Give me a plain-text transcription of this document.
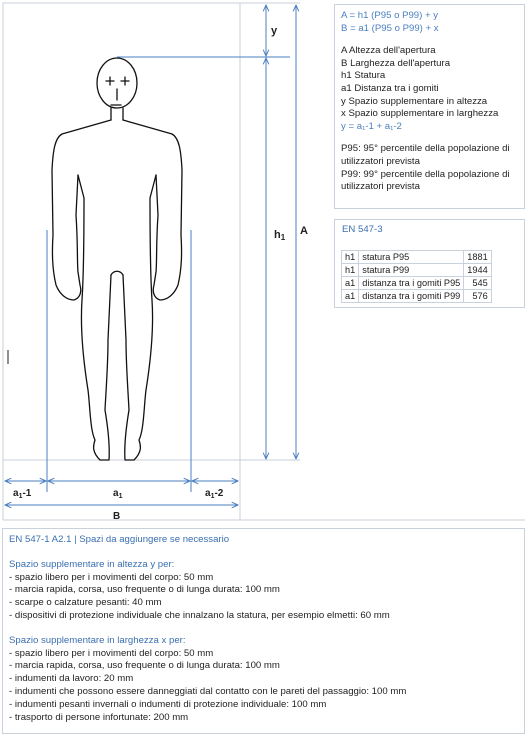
y
h1
A
$a_1-1$	$a_1$	$a_1-2$
B
A = h1 (P95 o P99) + y
B = a1 (P95 o P99) + x
A Altezza dell'apertura
B Larghezza dell'apertura
h1 Statura
a1 Distanza tra i gomiti
y Spazio supplementare in altezza
x Spazio supplementare in larghezza
y = a₁-1 + a₁-2
P95: 95° percentile della popolazione di
utilizzatori prevista
P99: 99° percentile della popolazione di
utilizzatori prevista
EN 547-3
h1	statura P95	1881
h1	statura P99	1944
a1	distanza tra i gomiti P95	545
a1	distanza tra i gomiti P99	576
EN 547-1 A2.1 | Spazi da aggiungere se necessario
Spazio supplementare in altezza y per:
- spazio libero per i movimenti del corpo: 50 mm
- marcia rapida, corsa, uso frequente o di lunga durata: 100 mm
- scarpe o calzature pesanti: 40 mm
- dispositivi di protezione individuale che innalzano la statura, per esempio elmetti: 60 mm
Spazio supplementare in larghezza x per:
- spazio libero per i movimenti del corpo: 50 mm
- marcia rapida, corsa, uso frequente o di lunga durata: 100 mm
- indumenti da lavoro: 20 mm
- indumenti che possono essere danneggiati dal contatto con le pareti del passaggio: 100 mm
- indumenti pesanti invernali o indumenti di protezione individuale: 100 mm
- trasporto di persone infortunate: 200 mm
